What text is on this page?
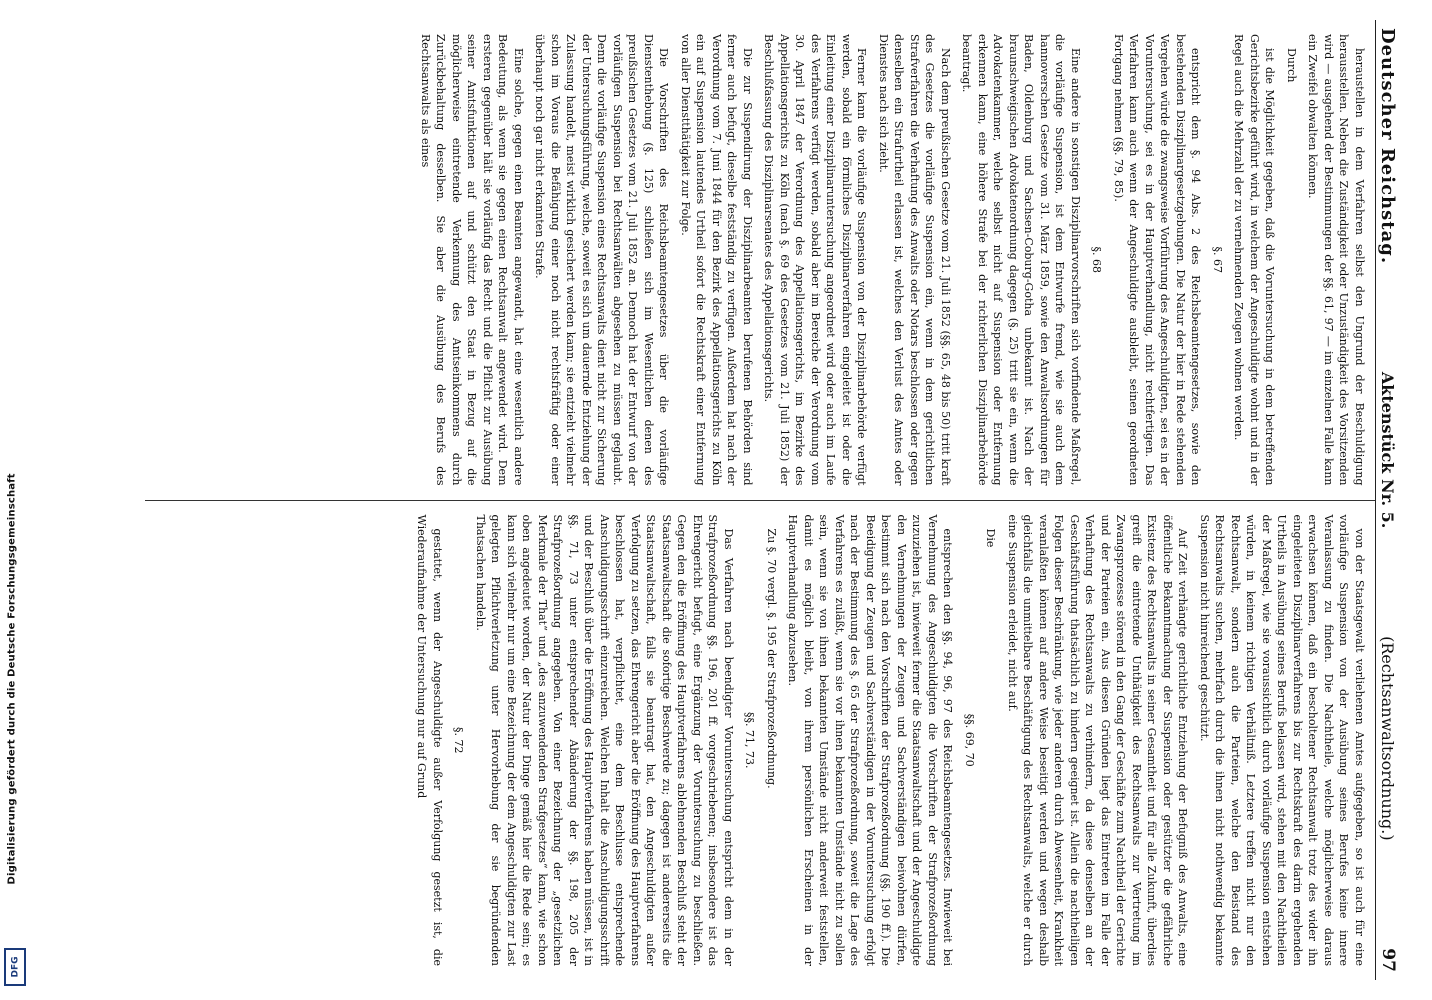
Digitalisierung gefördert durch die Deutsche Forschungsgemeinschaft
DFG
Deutscher Reichstag.
Aktenstück Nr. 5.
(Rechtsanwaltsordnung.)
97

heraustellen in dem Verfahren selbst den Ungrund der Beschuldigung herausstellen. Neben die Zuständigkeit oder Unzuständigkeit des Vorsitzenden wird — ausgehend der Bestimmungen der §§. 61, 97 — im einzelnen Falle kann ein Zweifel obwalten können.

Durch

ist die Möglichkeit gegeben, daß die Voruntersuchung in dem betreffenden Gerichtsbezirke geführt wird, in welchem der Angeschuldigte wohnt und in der Regel auch die Mehrzahl der zu vernehmenden Zeugen wohnen werden.

§. 67

entspricht dem §. 94 Abs. 2 des Reichsbeamtengesetzes, sowie den bestehenden Disziplinargesetzgebungen. Die Natur der hier in Rede stehenden Vergehen würde die zwangsweise Vorführung des Angeschuldigten, sei es in der Voruntersuchung, sei es in der Hauptverhandlung, nicht rechtfertigen. Das Verfahren kann auch wenn der Angeschuldigte ausbleibt, seinen geordneten Fortgang nehmen (§§. 79, 85).

§. 68

Eine andere in sonstigen Disziplinarvorschriften sich vorfindende Maßregel, die vorläufige Suspension, ist dem Entwurfe fremd, wie sie auch dem hannoverschen Gesetze vom 31. März 1859, sowie den Anwaltsordnungen für Baden, Oldenburg und Sachsen-Coburg-Gotha unbekannt ist. Nach der braunschweigischen Advokatenordnung dagegen (§. 25) tritt sie ein, wenn die Advokatenkammer, welche selbst nicht auf Suspension oder Entfernung erkennen kann, eine höhere Strafe bei der richterlichen Disziplinarbehörde beantragt.

Nach dem preußischen Gesetze vom 21. Juli 1852 (§§. 65, 48 bis 50) tritt kraft des Gesetzes die vorläufige Suspension ein, wenn in dem gerichtlichen Strafverfahren die Verhaftung des Anwalts oder Notars beschlossen oder gegen denselben ein Strafurtheil erlassen ist, welches den Verlust des Amtes oder Dienstes nach sich zieht.

Ferner kann die vorläufige Suspension von der Disziplinarbehörde verfügt werden, sobald ein förmliches Disziplinarverfahren eingeleitet ist oder die Einleitung einer Disziplinaruntersuchung angeordnet wird oder auch im Laufe des Verfahrens verfügt werden, sobald aber im Bereiche der Verordnung vom 30. April 1847 der Verordnung des Appellationsgerichts, im Bezirke des Appellationsgerichts zu Köln (nach §. 69 des Gesetzes vom 21. Juli 1852) der Beschlußfassung des Disziplinarsenates des Appellationsgerichts.

Die zur Suspendirung der Disziplinarbeamten berufenen Behörden sind ferner auch befugt, dieselbe festständig zu verfügen. Außerdem hat nach der Verordnung vom 7. Juni 1844 für den Bezirk des Appellationsgerichts zu Köln ein auf Suspension lautendes Urtheil sofort die Rechtskraft einer Entfernung von aller Dienstthätigkeit zur Folge.

Die Vorschriften des Reichsbeamtengesetzes über die vorläufige Dienstenthebung (§. 125) schließen sich im Wesentlichen denen des preußischen Gesetzes vom 21. Juli 1852 an. Dennoch hat der Entwurf von der vorläufigen Suspension bei Rechtsanwälten abgesehen zu müssen geglaubt. Denn die vorläufige Suspension eines Rechtsanwalts dient nicht zur Sicherung der Untersuchungsführung, welche, soweit es sich um dauernde Entziehung der Zulassung handelt, meist wirklich gesichert werden kann; sie entzieht vielmehr schon im Voraus die Befähigung einer noch nicht rechtsfräftig oder einer überhaupt noch gar nicht erkannten Strafe.

Eine solche, gegen einen Beamten angewandt, hat eine wesentlich andere Bedeutung, als wenn sie gegen einen Rechtsanwalt angewendet wird. Dem ersteren gegenüber hält sie vorläufig das Recht und die Pflicht zur Ausübung seiner Amtsfunktionen auf und schützt den Staat in Bezug auf die möglicherweise eintretende Verkennung des Amtseinkommens durch Zurückbehaltung desselben. Sie aber die Ausübung des Berufs des Rechtsanwalts als eines

von der Staatsgewalt verliehenen Amtes aufgegeben, so ist auch für eine vorläufige Suspension von der Ausübung seines Berufes keine innere Veranlassung zu finden. Die Nachtheile, welche möglicherweise daraus erwachsen können, daß ein bescholtener Rechtsanwalt trotz des wider ihn eingeleiteten Disziplinarverfahrens bis zur Rechtskraft des darin ergehenden Urtheils in Ausübung seines Berufs belassen wird, stehen mit den Nachtheilen der Maßregel, wie sie voraussichtlich durch vorläufige Suspension entstehen würden, in keinem richtigen Verhältniß. Letztere treffen nicht nur den Rechtsanwalt, sondern auch die Parteien, welche den Beistand des Rechtsanwalts suchen, mehrfach durch die ihnen nicht nothwendig bekannte Suspension nicht hinreichend geschützt.

Auf Zeit verhängte gerichtliche Entziehung der Befugniß des Anwalts, eine öffentliche Bekanntmachung der Suspension oder gestützter die gefährliche Existenz des Rechtsanwalts in seiner Gesamtheit und für alle Zukunft, überdies greift die eintretende Unthätigkeit des Rechtsanwalts zur Vertretung im Zwangsprozesse störend in den Gang der Geschäfte zum Nachtheil der Gerichte und der Parteien ein. Aus diesen Gründen liegt das Eintreten im Falle der Verhaftung des Rechtsanwalts zu verhindern, da diese denselben an der Geschäftsführung thatsächlich zu hindern geeignet ist. Allein die nachtheiligen Folgen dieser Beschränkung, wie jeder anderen durch Abwesenheit, Krankheit veranlaßten können auf andere Weise beseitigt werden und wegen deshalb gleichfalls die unmittelbare Beschäftigung des Rechtsanwalts, welche er durch eine Suspension erleidet, nicht auf.

Die

§§. 69, 70

entsprechen den §§. 94, 96, 97 des Reichsbeamtengesetzes. Inwieweit bei Vernehmung des Angeschuldigten die Vorschriften der Strafprozeßordnung zuzuziehen ist, inwieweit ferner die Staatsanwaltschaft und der Angeschuldigte den Vernehmungen der Zeugen und Sachverständigen beiwohnen dürfen, bestimmt sich nach den Vorschriften der Strafprozeßordnung (§§. 190 ff.). Die Beeidigung der Zeugen und Sachverständigen in der Voruntersuchung erfolgt nach der Bestimmung des §. 65 der Strafprozeßordnung, soweit die Lage des Verfahrens es zuläßt, wenn sie vor ihnen bekannten Umstände nicht zu sollen sein, wenn sie von ihnen bekannten Umstände nicht anderweit feststellen, damit es möglich bleibt, von ihrem persönlichen Erscheinen in der Hauptverhandlung abzusehen.

Zu §. 70 vergl. §. 195 der Strafprozeßordnung.

§§. 71, 73.

Das Verfahren nach beendigter Voruntersuchung entspricht dem in der Strafprozeßordnung §§. 196, 201 ff. vorgeschriebenen; insbesondere ist das Ehrengericht befugt, eine Ergänzung der Voruntersuchung zu beschließen. Gegen den die Eröffnung des Hauptverfahrens ablehnenden Beschluß steht der Staatsanwaltschaft die sofortige Beschwerde zu; dagegen ist andererseits die Staatsanwaltschaft, falls sie beantragt hat, den Angeschuldigten außer Verfolgung zu setzen, das Ehrengericht aber die Eröffnung des Hauptverfahrens beschlossen hat, verpflichtet, eine dem Beschlusse entsprechende Anschuldigungsschrift einzureichen. Welchen Inhalt die Anschuldigungsschrift und der Beschluß über die Eröffnung des Hauptverfahrens haben müssen, ist in §§. 71, 73 unter entsprechender Abänderung der §§. 198, 205 der Strafprozeßordnung angegeben. Von einer Bezeichnung der „gesetzlichen Merkmale der That“ und „des anzuwendenden Strafgesetzes“ kann, wie schon oben angedeutet worden, der Natur der Dinge gemäß hier die Rede sein; es kann sich vielmehr nur um eine Bezeichnung der dem Angeschuldigten zur Last gelegten Pflichtverletzung unter Hervorhebung der sie begründenden Thatsachen handeln.

§. 72

gestattet, wenn der Angeschuldigte außer Verfolgung gesetzt ist, die Wiederaufnahme der Untersuchung nur auf Grund
